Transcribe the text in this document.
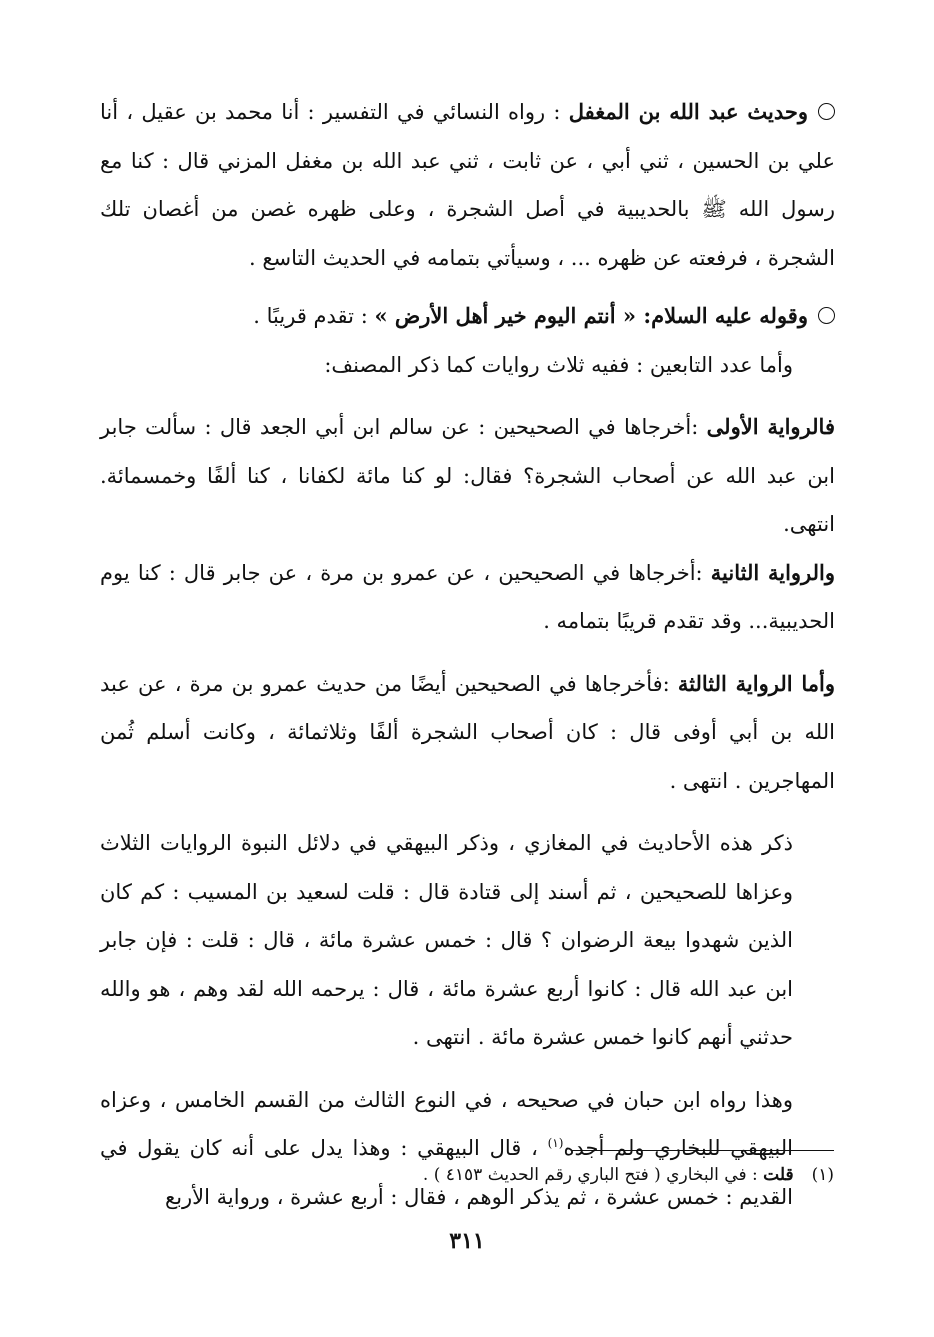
وحديث عبد الله بن المغفل : رواه النسائي في التفسير : أنا محمد بن عقيل ، أنا علي بن الحسين ، ثني أبي ، عن ثابت ، ثني عبد الله بن مغفل المزني قال : كنا مع رسول الله ﷺ بالحديبية في أصل الشجرة ، وعلى ظهره غصن من أغصان تلك الشجرة ، فرفعته عن ظهره ... ، وسيأتي بتمامه في الحديث التاسع .

وقوله عليه السلام: « أنتم اليوم خير أهل الأرض » : تقدم قريبًا .

وأما عدد التابعين : ففيه ثلاث روايات كما ذكر المصنف:

فالرواية الأولى :أخرجاها في الصحيحين : عن سالم ابن أبي الجعد قال : سألت جابر ابن عبد الله عن أصحاب الشجرة؟ فقال: لو كنا مائة لكفانا ، كنا ألفًا وخمسمائة. انتهى.

والرواية الثانية :أخرجاها في الصحيحين ، عن عمرو بن مرة ، عن جابر قال : كنا يوم الحديبية... وقد تقدم قريبًا بتمامه .

وأما الرواية الثالثة :فأخرجاها في الصحيحين أيضًا من حديث عمرو بن مرة ، عن عبد الله بن أبي أوفى قال : كان أصحاب الشجرة ألفًا وثلاثمائة ، وكانت أسلم ثُمن المهاجرين . انتهى .

ذكر هذه الأحاديث في المغازي ، وذكر البيهقي في دلائل النبوة الروايات الثلاث وعزاها للصحيحين ، ثم أسند إلى قتادة قال : قلت لسعيد بن المسيب : كم كان الذين شهدوا بيعة الرضوان ؟ قال : خمس عشرة مائة ، قال : قلت : فإن جابر ابن عبد الله قال : كانوا أربع عشرة مائة ، قال : يرحمه الله لقد وهم ، هو والله حدثني أنهم كانوا خمس عشرة مائة . انتهى .

وهذا رواه ابن حبان في صحيحه ، في النوع الثالث من القسم الخامس ، وعزاه البيهقي للبخاري ولم أجده$^{(١)}$ ، قال البيهقي : وهذا يدل على أنه كان يقول في القديم : خمس عشرة ، ثم يذكر الوهم ، فقال : أربع عشرة ، ورواية الأربع

(١)قلت : في البخاري ( فتح الباري رقم الحديث ٤١٥٣ ) .
٣١١
